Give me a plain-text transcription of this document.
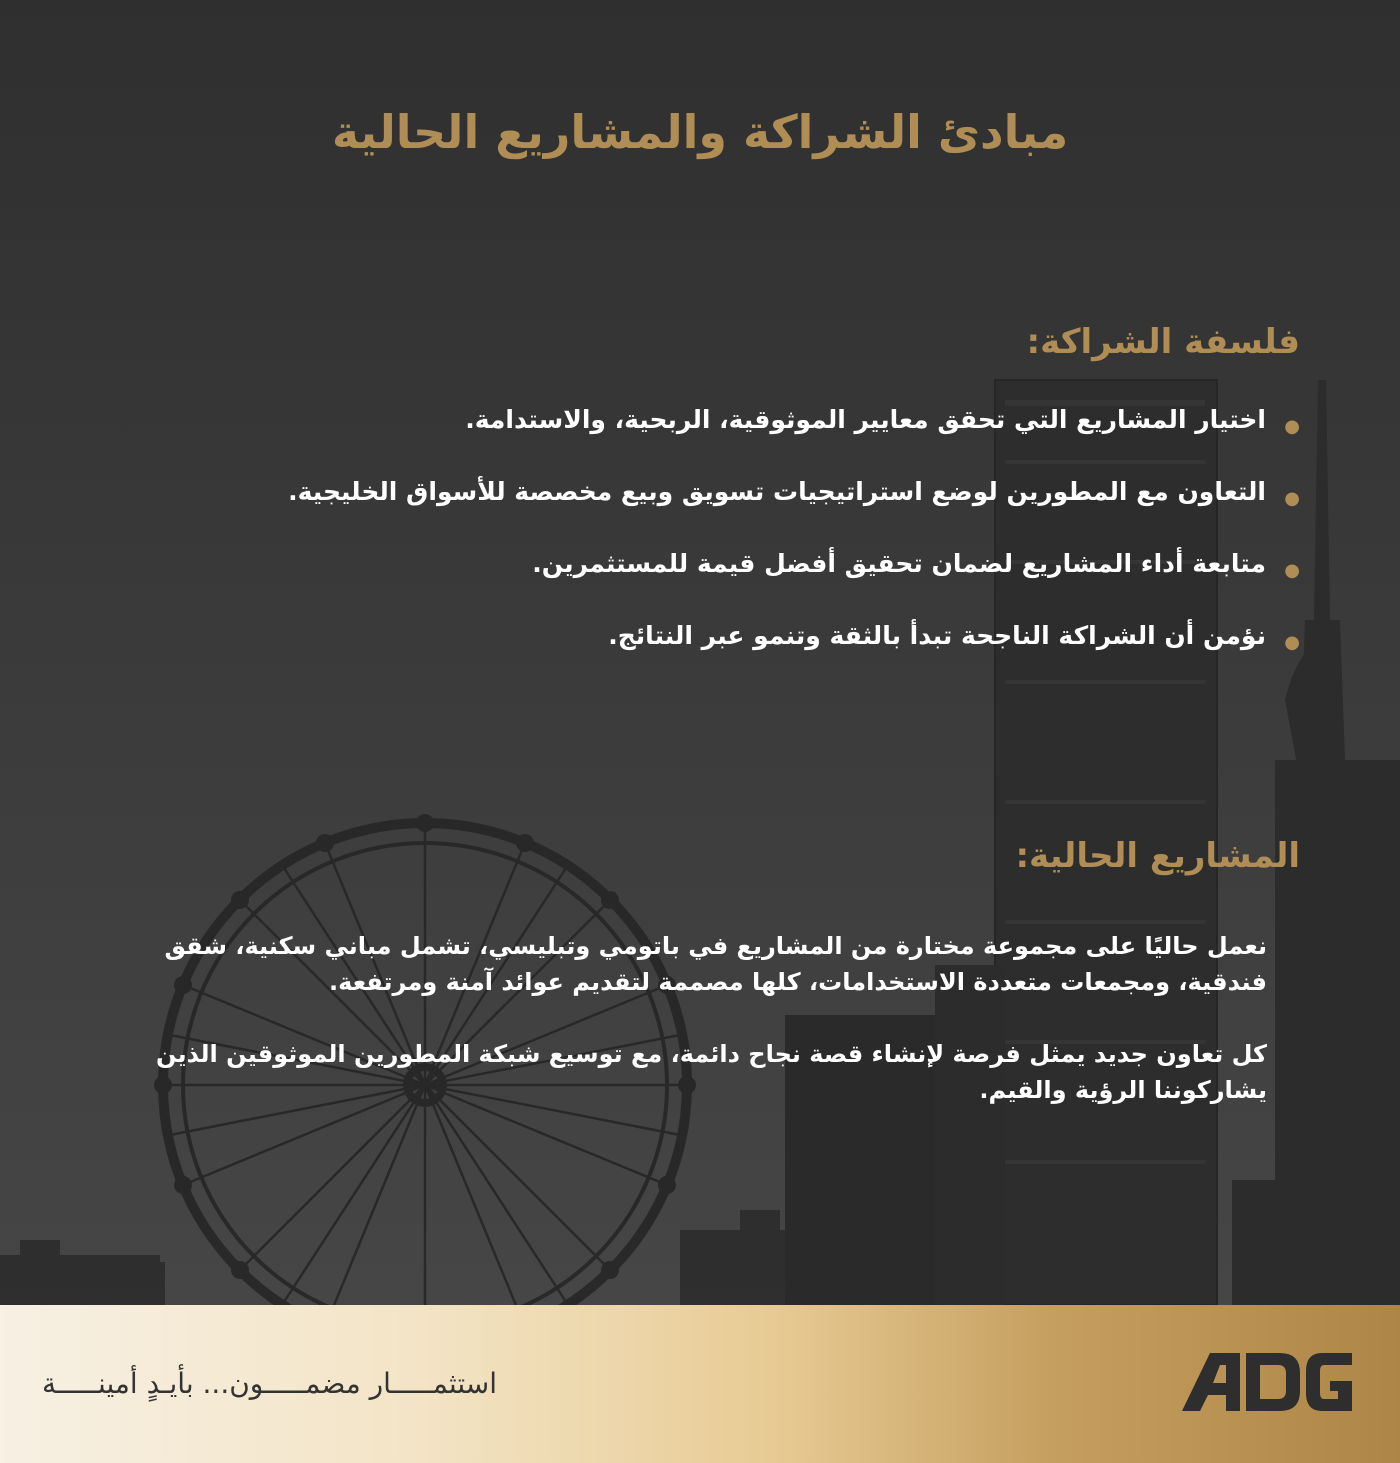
مبادئ الشراكة والمشاريع الحالية
فلسفة الشراكة:
●
اختيار المشاريع التي تحقق معايير الموثوقية، الربحية، والاستدامة.
●
التعاون مع المطورين لوضع استراتيجيات تسويق وبيع مخصصة للأسواق الخليجية.
●
متابعة أداء المشاريع لضمان تحقيق أفضل قيمة للمستثمرين.
●
نؤمن أن الشراكة الناجحة تبدأ بالثقة وتنمو عبر النتائج.
المشاريع الحالية:

نعمل حاليًا على مجموعة مختارة من المشاريع في باتومي وتبليسي، تشمل مباني سكنية، شقق فندقية، ومجمعات متعددة الاستخدامات، كلها مصممة لتقديم عوائد آمنة ومرتفعة.

كل تعاون جديد يمثل فرصة لإنشاء قصة نجاح دائمة، مع توسيع شبكة المطورين الموثوقين الذين يشاركوننا الرؤية والقيم.

استثمـــــار مضمـــــون... بأيـدٍ أمينـــــة
